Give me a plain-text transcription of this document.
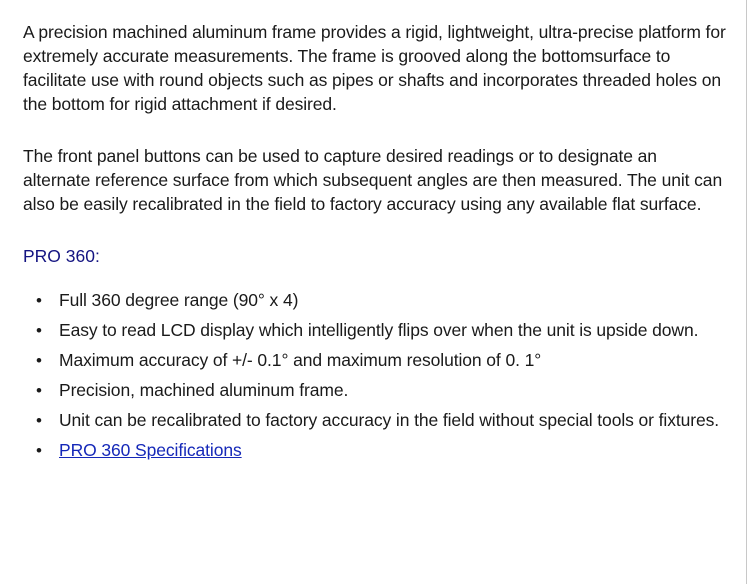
A precision machined aluminum frame provides a rigid, lightweight, ultra-precise platform for extremely accurate measurements. The frame is grooved along the bottomsurface to facilitate use with round objects such as pipes or shafts and incorporates threaded holes on the bottom for rigid attachment if desired.

The front panel buttons can be used to capture desired readings or to designate an alternate reference surface from which subsequent angles are then measured. The unit can also be easily recalibrated in the field to factory accuracy using any available flat surface.

PRO 360:
• Full 360 degree range (90° x 4)
• Easy to read LCD display which intelligently flips over when the unit is upside down.
• Maximum accuracy of +/- 0.1° and maximum resolution of 0. 1°
• Precision, machined aluminum frame.
• Unit can be recalibrated to factory accuracy in the field without special tools or fixtures.
• PRO 360 Specifications
